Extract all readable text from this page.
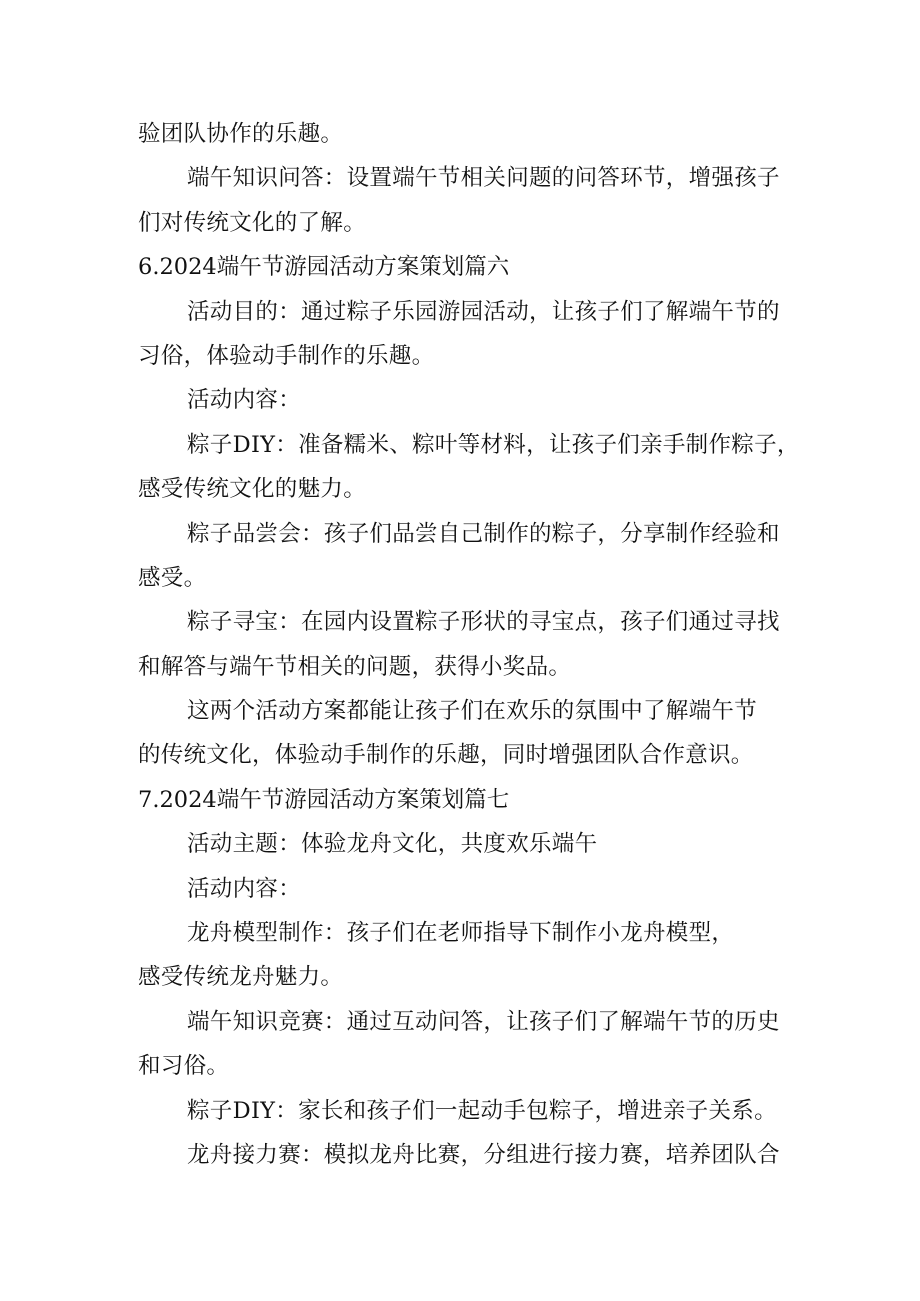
验团队协作的乐趣。
端午知识问答：设置端午节相关问题的问答环节，增强孩子
们对传统文化的了解。
6.2024端午节游园活动方案策划篇六
活动目的：通过粽子乐园游园活动，让孩子们了解端午节的
习俗，体验动手制作的乐趣。
活动内容：
粽子DIY：准备糯米、粽叶等材料，让孩子们亲手制作粽子，
感受传统文化的魅力。
粽子品尝会：孩子们品尝自己制作的粽子，分享制作经验和
感受。
粽子寻宝：在园内设置粽子形状的寻宝点，孩子们通过寻找
和解答与端午节相关的问题，获得小奖品。
这两个活动方案都能让孩子们在欢乐的氛围中了解端午节
的传统文化，体验动手制作的乐趣，同时增强团队合作意识。
7.2024端午节游园活动方案策划篇七
活动主题：体验龙舟文化，共度欢乐端午
活动内容：
龙舟模型制作：孩子们在老师指导下制作小龙舟模型，
感受传统龙舟魅力。
端午知识竞赛：通过互动问答，让孩子们了解端午节的历史
和习俗。
粽子DIY：家长和孩子们一起动手包粽子，增进亲子关系。
龙舟接力赛：模拟龙舟比赛，分组进行接力赛，培养团队合
